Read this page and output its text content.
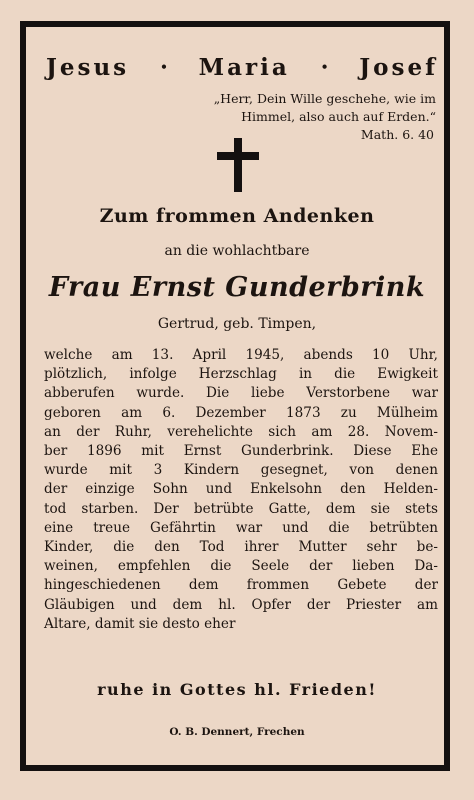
Jesus	• Maria	• Josef
„Herr, Dein Wille geschehe, wie im
Himmel, also auch auf Erden.“
Math. 6. 40
Zum frommen Andenken
an die wohlachtbare
Frau Ernst Gunderbrink
Gertrud, geb. Timpen,
welche am 13. April 1945, abends 10 Uhr,
plötzlich, infolge Herzschlag in die Ewigkeit
abberufen wurde. Die liebe Verstorbene war
geboren am 6. Dezember 1873 zu Mülheim
an der Ruhr, verehelichte sich am 28. Novem-
ber 1896 mit Ernst Gunderbrink. Diese Ehe
wurde mit 3 Kindern gesegnet, von denen
der einzige Sohn und Enkelsohn den Helden-
tod starben. Der betrübte Gatte, dem sie stets
eine treue Gefährtin war und die betrübten
Kinder, die den Tod ihrer Mutter sehr be-
weinen, empfehlen die Seele der lieben Da-
hingeschiedenen dem frommen Gebete der
Gläubigen und dem hl. Opfer der Priester am
Altare, damit sie desto eher
ruhe in Gottes hl. Frieden!
O. B. Dennert, Frechen
